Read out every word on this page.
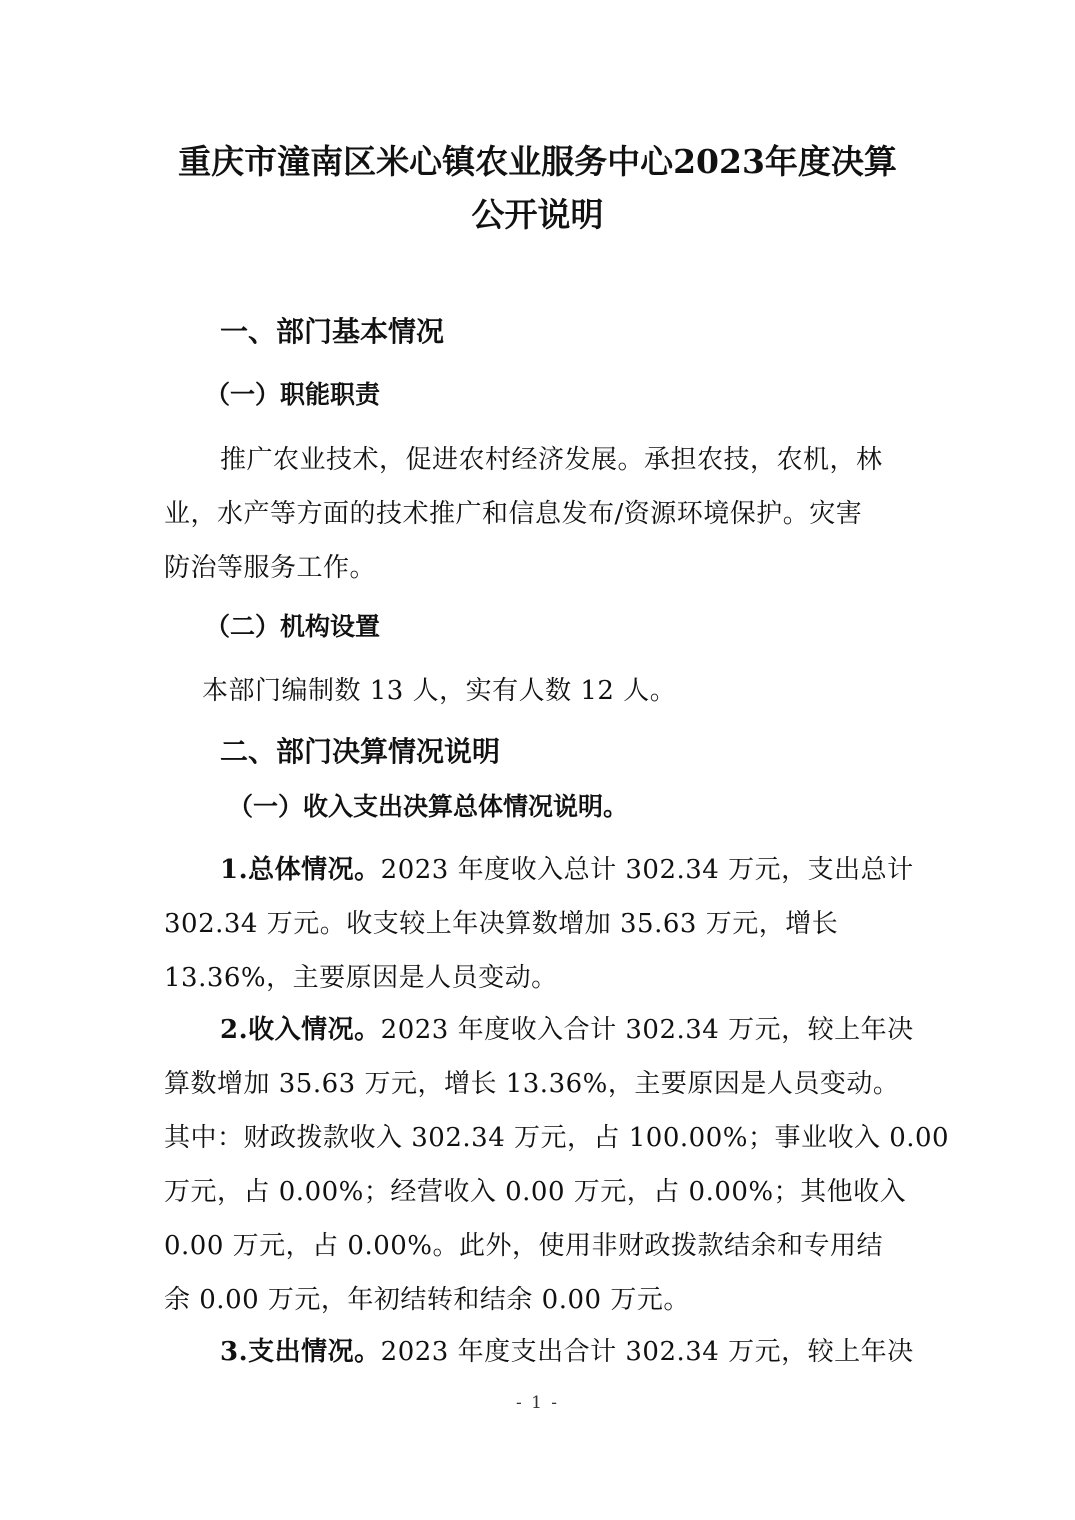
重庆市潼南区米心镇农业服务中心2023年度决算
公开说明
一、部门基本情况
（一）职能职责
推广农业技术，促进农村经济发展。承担农技，农机，林
业，水产等方面的技术推广和信息发布/资源环境保护。灾害
防治等服务工作。
（二）机构设置
本部门编制数 13 人，实有人数 12 人。
二、部门决算情况说明
（一）收入支出决算总体情况说明。
1.总体情况。2023 年度收入总计 302.34 万元，支出总计
302.34 万元。收支较上年决算数增加 35.63 万元，增长
13.36%，主要原因是人员变动。
2.收入情况。2023 年度收入合计 302.34 万元，较上年决
算数增加 35.63 万元，增长 13.36%，主要原因是人员变动。
其中：财政拨款收入 302.34 万元，占 100.00%；事业收入 0.00
万元，占 0.00%；经营收入 0.00 万元，占 0.00%；其他收入
0.00 万元，占 0.00%。此外，使用非财政拨款结余和专用结
余 0.00 万元，年初结转和结余 0.00 万元。
3.支出情况。2023 年度支出合计 302.34 万元，较上年决

- 1 -
